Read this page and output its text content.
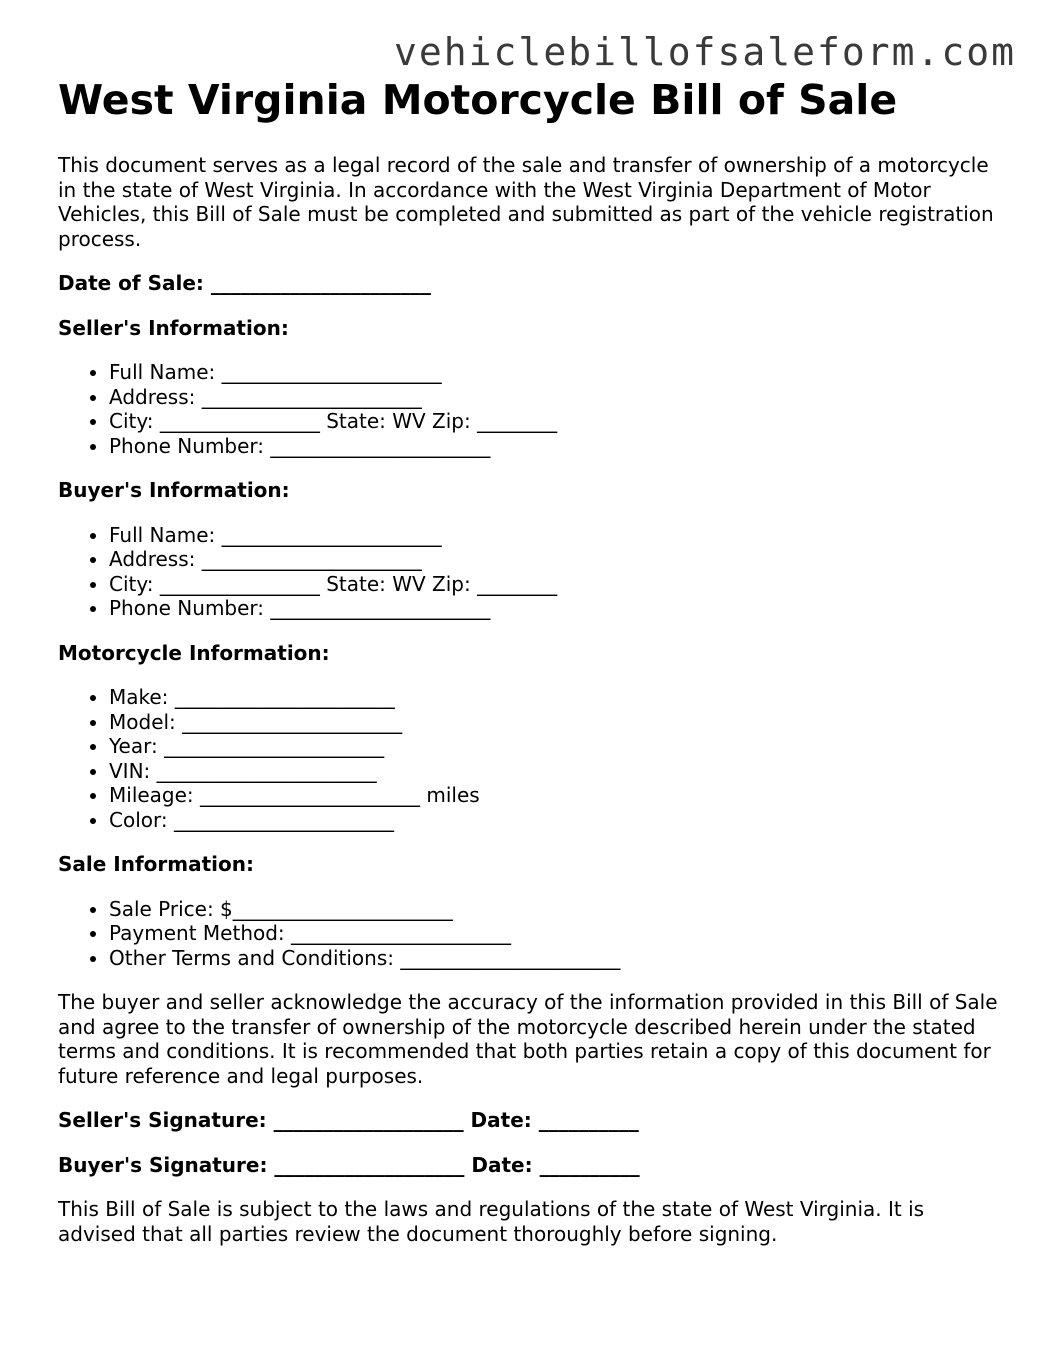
vehiclebillofsaleform.com
West Virginia Motorcycle Bill of Sale

This document serves as a legal record of the sale and transfer of ownership of a motorcycle in the state of West Virginia. In accordance with the West Virginia Department of Motor Vehicles, this Bill of Sale must be completed and submitted as part of the vehicle registration process.

Date of Sale: ______________________

Seller's Information:

• Full Name: ______________________
• Address: ______________________
• City: ________________ State: WV Zip: ________
• Phone Number: ______________________

Buyer's Information:

• Full Name: ______________________
• Address: ______________________
• City: ________________ State: WV Zip: ________
• Phone Number: ______________________

Motorcycle Information:

• Make: ______________________
• Model: ______________________
• Year: ______________________
• VIN: ______________________
• Mileage: ______________________ miles
• Color: ______________________

Sale Information:

• Sale Price: $______________________
• Payment Method: ______________________
• Other Terms and Conditions: ______________________

The buyer and seller acknowledge the accuracy of the information provided in this Bill of Sale and agree to the transfer of ownership of the motorcycle described herein under the stated terms and conditions. It is recommended that both parties retain a copy of this document for future reference and legal purposes.

Seller's Signature: ___________________ Date: __________

Buyer's Signature: ___________________ Date: __________

This Bill of Sale is subject to the laws and regulations of the state of West Virginia. It is advised that all parties review the document thoroughly before signing.
